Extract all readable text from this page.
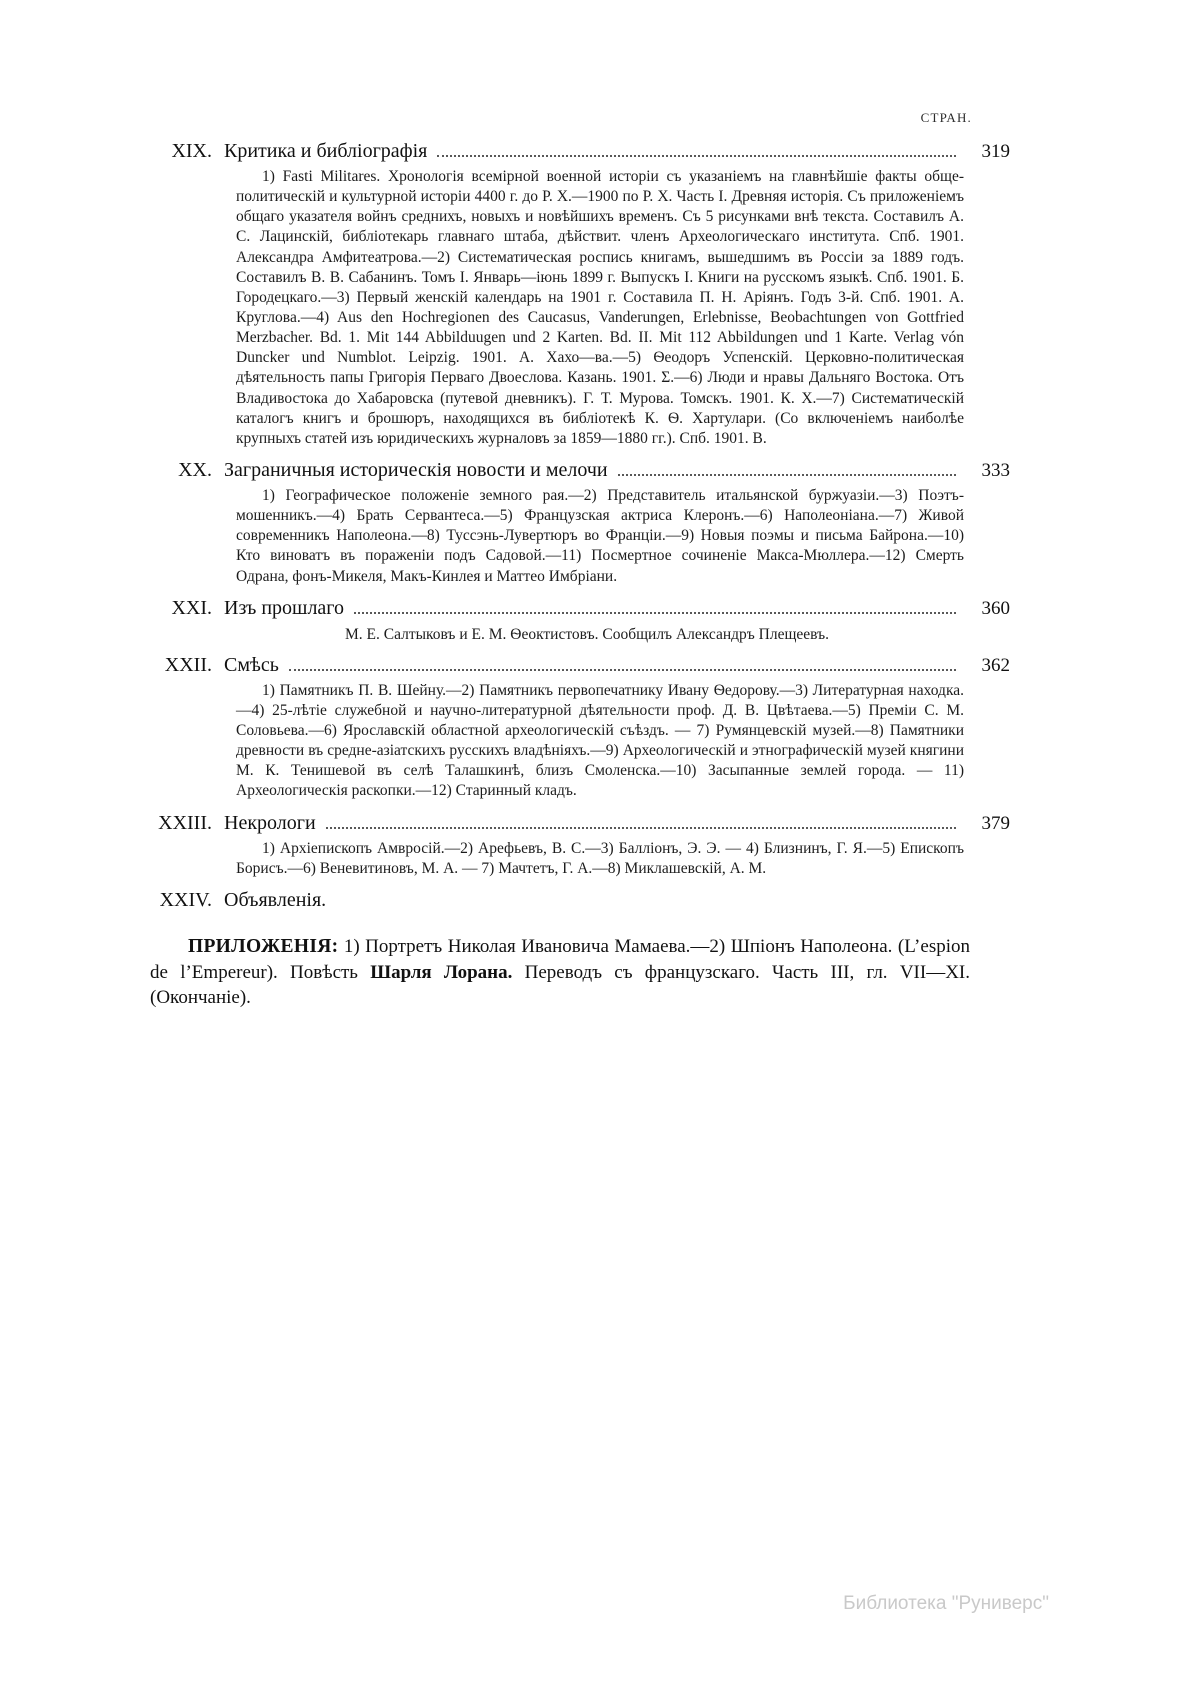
СТРАН.
XIX. Критика и библіографія	319
1) Fasti Militares. Хронологія всемірной военной исторіи съ указаніемъ на главнѣйшіе факты обще-политическій и культурной исторіи 4400 г. до Р. X.—1900 по Р. X. Часть I. Древняя исторія. Съ приложеніемъ общаго указателя войнъ среднихъ, новыхъ и новѣйшихъ временъ. Съ 5 рисунками внѣ текста. Составилъ А. С. Лацинскій, библіотекарь главнаго штаба, дѣйствит. членъ Археологическаго института. Спб. 1901. Александра Амфитеатрова.—2) Систематическая роспись книгамъ, вышедшимъ въ Россіи за 1889 годъ. Составилъ В. В. Сабанинъ. Томъ I. Январь—іюнь 1899 г. Выпускъ I. Книги на русскомъ языкѣ. Спб. 1901. Б. Городецкаго.—3) Первый женскій календарь на 1901 г. Составила П. Н. Аріянъ. Годъ 3-й. Спб. 1901. А. Кругловa.—4) Aus den Hochregionen des Caucasus, Vanderungen, Erlebnisse, Beobachtungen von Gottfried Merzbacher. Bd. 1. Mit 144 Abbilduugen und 2 Karten. Bd. II. Mit 112 Abbildungen und 1 Karte. Verlag vón Duncker und Numblot. Leipzig. 1901. А. Хахо—ва.—5) Ѳеодоръ Успенскій. Церковно-политическая дѣятельность папы Григорія Перваго Двоеслова. Казань. 1901. Σ.—6) Люди и нравы Дальняго Востока. Отъ Владивостока до Хабаровска (путевой дневникъ). Г. Т. Мурова. Томскъ. 1901. К. X.—7) Систематическій каталогъ книгъ и брошюръ, находящихся въ библіотекѣ К. Ѳ. Хартулари. (Со включеніемъ наиболѣе крупныхъ статей изъ юридическихъ журналовъ за 1859—1880 гг.). Спб. 1901. В.
XX. Заграничныя историческія новости и мелочи	333
1) Географическое положеніе земного рая.—2) Представитель итальянской буржуазіи.—3) Поэтъ-мошенникъ.—4) Брать Сервантеса.—5) Французская актриса Клеронъ.—6) Наполеоніана.—7) Живой современникъ Наполеона.—8) Туссэнь-Лувертюръ во Франціи.—9) Новыя поэмы и письма Байрона.—10) Кто виноватъ въ пораженіи подъ Садовой.—11) Посмертное сочиненіе Макса-Мюллера.—12) Смерть Одрана, фонъ-Микеля, Макъ-Кинлея и Маттео Имбріани.
XXI. Изъ прошлаго	360
М. Е. Салтыковъ и Е. М. Ѳеоктистовъ. Сообщилъ Александръ Плещеевъ.
XXII. Смѣсь	362
1) Памятникъ П. В. Шейну.—2) Памятникъ первопечатнику Ивану Ѳедорову.—3) Литературная находка.—4) 25-лѣтіе служебной и научно-литературной дѣятельности проф. Д. В. Цвѣтаева.—5) Преміи С. М. Соловьева.—6) Ярославскій областной археологическій съѣздъ. — 7) Румянцевскій музей.—8) Памятники древности въ средне-азіатскихъ русскихъ владѣніяхъ.—9) Археологическій и этнографическій музей княгини М. К. Тенишевой въ селѣ Талашкинѣ, близъ Смоленска.—10) Засыпанные землей города. — 11) Археологическія раскопки.—12) Старинный кладъ.
XXIII. Некрологи	379
1) Архіепископъ Амвросій.—2) Арефьевъ, В. С.—3) Балліонъ, Э. Э. — 4) Близнинъ, Г. Я.—5) Епископъ Борисъ.—6) Веневитиновъ, М. А. — 7) Мачтетъ, Г. А.—8) Миклашевскій, А. М.
XXIV. Объявленія.
ПРИЛОЖЕНІЯ: 1) Портретъ Николая Ивановича Мамаева.—2) Шпіонъ Наполеона. (L’espion de l’Empereur). Повѣсть Шарля Лорана. Переводъ съ французскаго. Часть III, гл. VII—XI. (Окончаніе).
Библиотека "Руниверс"
